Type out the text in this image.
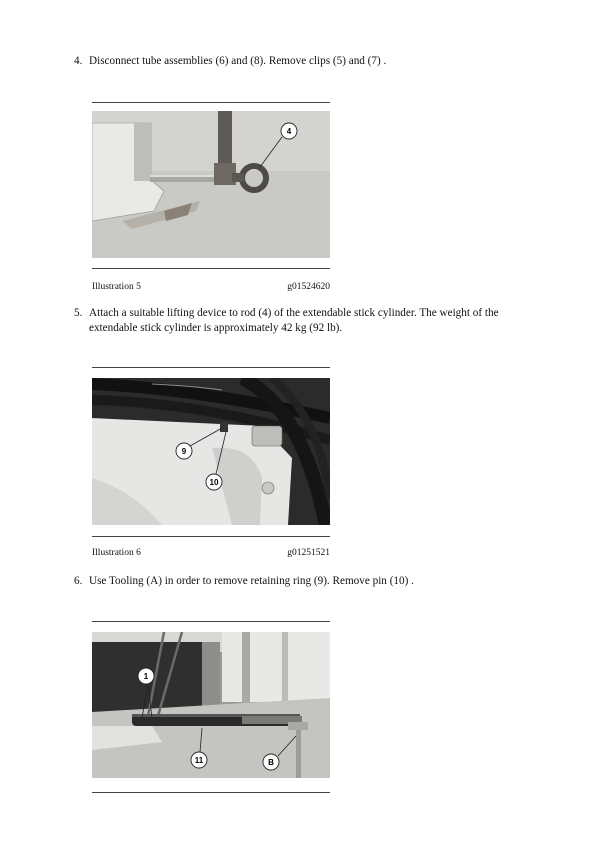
4. Disconnect tube assemblies (6) and (8). Remove clips (5) and (7) .
4
Illustration 5	g01524620
5. Attach a suitable lifting device to rod (4) of the extendable stick cylinder. The weight of the extendable stick cylinder is approximately 42 kg (92 lb).
9
10
Illustration 6	g01251521
6. Use Tooling (A) in order to remove retaining ring (9). Remove pin (10) .
1
11	B
